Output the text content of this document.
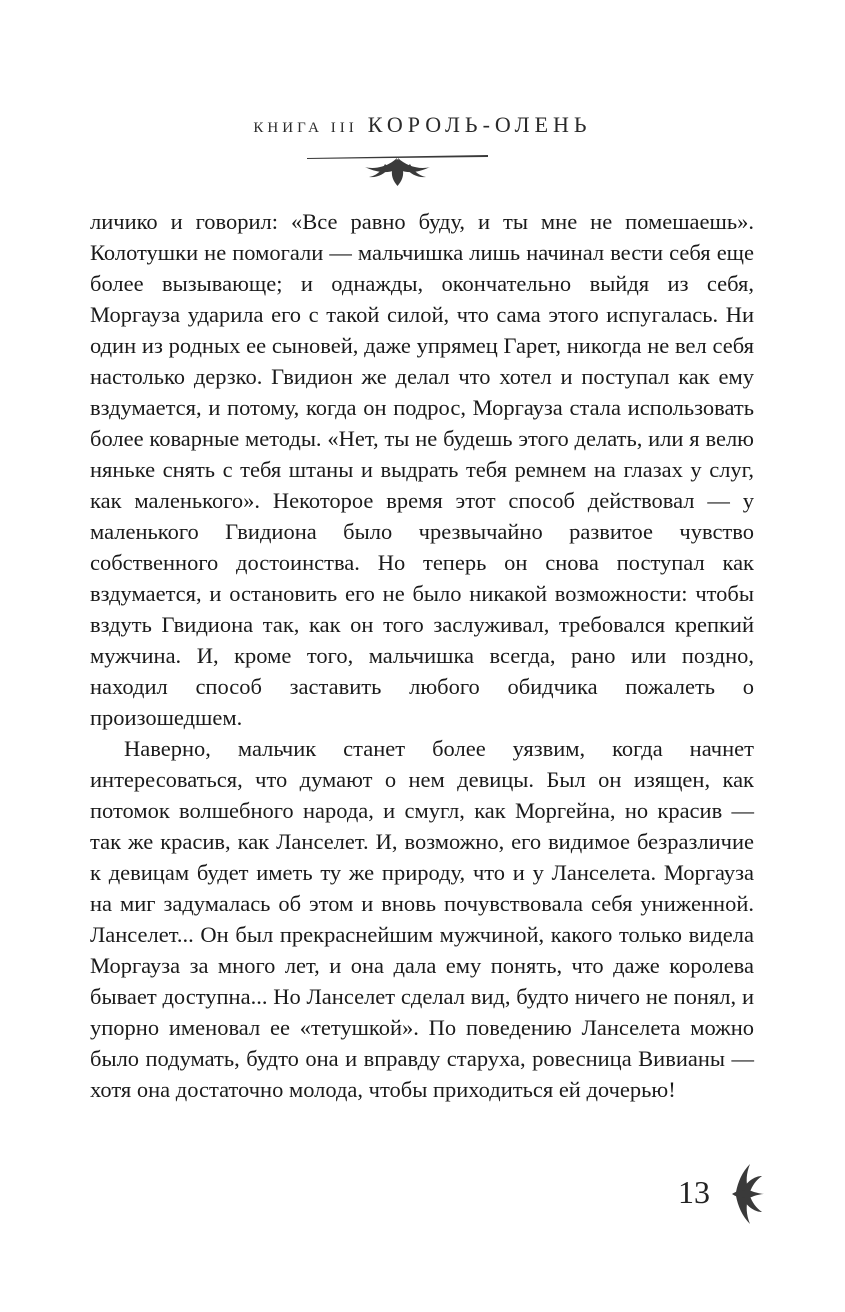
КНИГА III КОРОЛЬ-ОЛЕНЬ

личико и говорил: «Все равно буду, и ты мне не помешаешь». Колотушки не помогали — мальчишка лишь начинал вести себя еще более вызывающе; и однажды, окончательно выйдя из себя, Моргауза ударила его с такой силой, что сама этого испугалась. Ни один из родных ее сыновей, даже упрямец Гарет, никогда не вел себя настолько дерзко. Гвидион же делал что хотел и поступал как ему вздумается, и потому, когда он подрос, Моргауза стала использовать более коварные методы. «Нет, ты не будешь этого делать, или я велю няньке снять с тебя штаны и выдрать тебя ремнем на глазах у слуг, как маленького». Некоторое время этот способ действовал — у маленького Гвидиона было чрезвычайно развитое чувство собственного достоинства. Но теперь он снова поступал как вздумается, и остановить его не было никакой возможности: чтобы вздуть Гвидиона так, как он того заслуживал, требовался крепкий мужчина. И, кроме того, мальчишка всегда, рано или поздно, находил способ заставить любого обидчика пожалеть о произошедшем.

Наверно, мальчик станет более уязвим, когда начнет интересоваться, что думают о нем девицы. Был он изящен, как потомок волшебного народа, и смугл, как Моргейна, но красив — так же красив, как Ланселет. И, возможно, его видимое безразличие к девицам будет иметь ту же природу, что и у Ланселета. Моргауза на миг задумалась об этом и вновь почувствовала себя униженной. Ланселет... Он был прекраснейшим мужчиной, какого только видела Моргауза за много лет, и она дала ему понять, что даже королева бывает доступна... Но Ланселет сделал вид, будто ничего не понял, и упорно именовал ее «тетушкой». По поведению Ланселета можно было подумать, будто она и вправду старуха, ровесница Вивианы — хотя она достаточно молода, чтобы приходиться ей дочерью!

13
